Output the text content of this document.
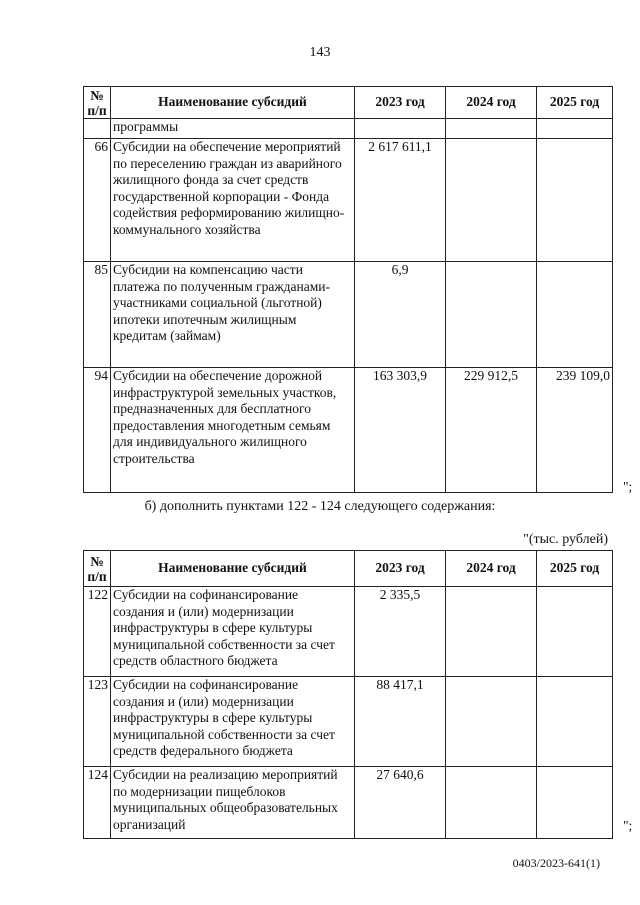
143
№
п/п	Наименование субсидий	2023 год	2024 год	2025 год
	программы			
66	Субсидии на обеспечение мероприятий по переселению граждан из аварийного жилищного фонда за счет средств государственной корпорации - Фонда содействия реформированию жилищно-коммунального хозяйства	2 617 611,1		
85	Субсидии на компенсацию части платежа по полученным гражданами-участниками социальной (льготной) ипотеки ипотечным жилищным кредитам (займам)	6,9		
94	Субсидии на обеспечение дорожной инфраструктурой земельных участков, предназначенных для бесплатного предоставления многодетным семьям для индивидуального жилищного строительства	163 303,9	229 912,5	239 109,0
";
б) дополнить пунктами 122 - 124 следующего содержания:
"(тыс. рублей)
№
п/п	Наименование субсидий	2023 год	2024 год	2025 год
122	Субсидии на софинансирование создания и (или) модернизации инфраструктуры в сфере культуры муниципальной собственности за счет средств областного бюджета	2 335,5		
123	Субсидии на софинансирование создания и (или) модернизации инфраструктуры в сфере культуры муниципальной собственности за счет средств федерального бюджета	88 417,1		
124	Субсидии на реализацию мероприятий по модернизации пищеблоков муниципальных общеобразовательных организаций	27 640,6		
";
0403/2023-641(1)
